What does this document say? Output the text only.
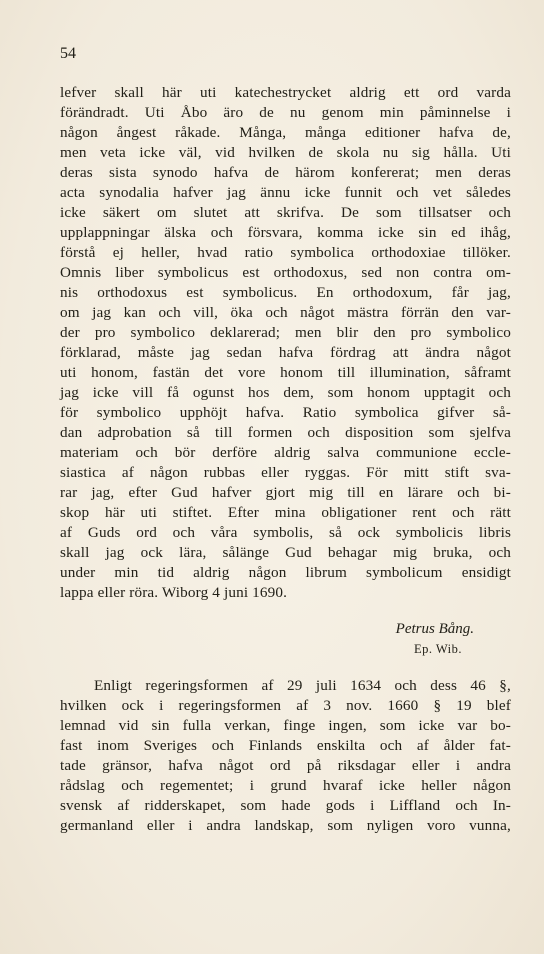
54
lefver skall här uti katechestrycket aldrig ett ord varda
förändradt. Uti Åbo äro de nu genom min påminnelse i
någon ångest råkade. Många, många editioner hafva de,
men veta icke väl, vid hvilken de skola nu sig hålla. Uti
deras sista synodo hafva de härom konfererat; men deras
acta synodalia hafver jag ännu icke funnit och vet således
icke säkert om slutet att skrifva. De som tillsatser och
upplappningar älska och försvara, komma icke sin ed ihåg,
förstå ej heller, hvad ratio symbolica orthodoxiae tillöker.
Omnis liber symbolicus est orthodoxus, sed non contra om-
nis orthodoxus est symbolicus. En orthodoxum, får jag,
om jag kan och vill, öka och något mästra förrän den var-
der pro symbolico deklarerad; men blir den pro symbolico
förklarad, måste jag sedan hafva fördrag att ändra något
uti honom, fastän det vore honom till illumination, såframt
jag icke vill få ogunst hos dem, som honom upptagit och
för symbolico upphöjt hafva. Ratio symbolica gifver så-
dan adprobation så till formen och disposition som sjelfva
materiam och bör derföre aldrig salva communione eccle-
siastica af någon rubbas eller ryggas. För mitt stift sva-
rar jag, efter Gud hafver gjort mig till en lärare och bi-
skop här uti stiftet. Efter mina obligationer rent och rätt
af Guds ord och våra symbolis, så ock symbolicis libris
skall jag ock lära, sålänge Gud behagar mig bruka, och
under min tid aldrig någon librum symbolicum ensidigt
lappa eller röra. Wiborg 4 juni 1690.
Petrus Bång.
Ep. Wib.
Enligt regeringsformen af 29 juli 1634 och dess 46 §,
hvilken ock i regeringsformen af 3 nov. 1660 § 19 blef
lemnad vid sin fulla verkan, finge ingen, som icke var bo-
fast inom Sveriges och Finlands enskilta och af ålder fat-
tade gränsor, hafva något ord på riksdagar eller i andra
rådslag och regementet; i grund hvaraf icke heller någon
svensk af ridderskapet, som hade gods i Liffland och In-
germanland eller i andra landskap, som nyligen voro vunna,
